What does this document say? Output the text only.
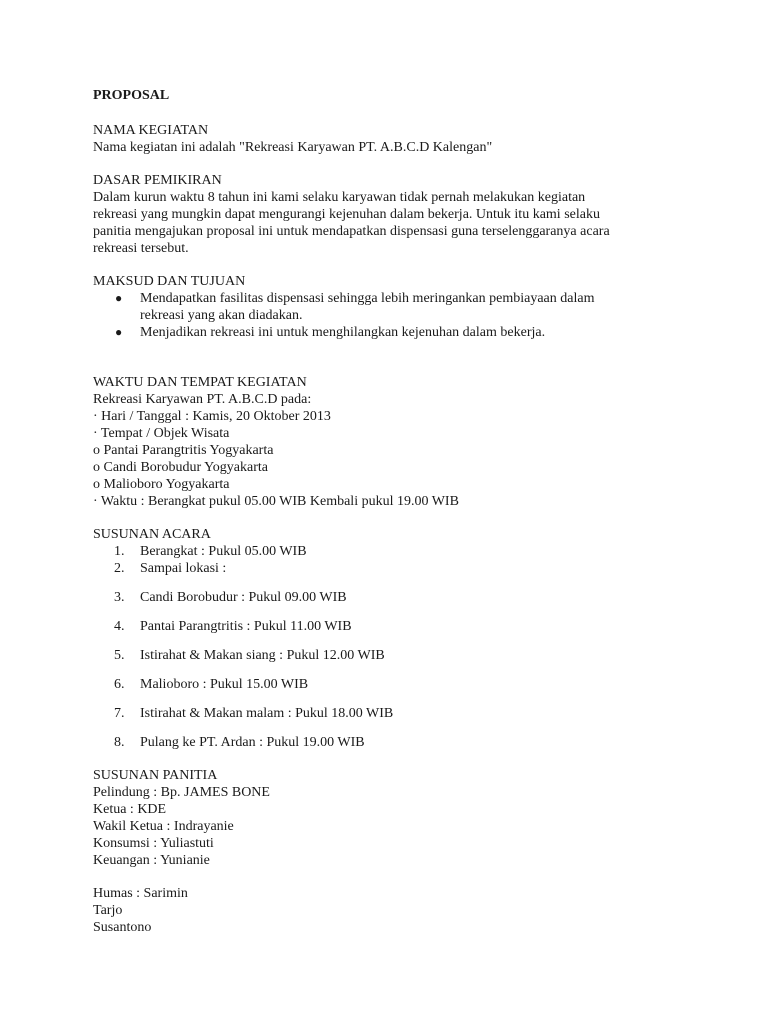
PROPOSAL
NAMA KEGIATAN
Nama kegiatan ini adalah "Rekreasi Karyawan PT. A.B.C.D Kalengan"
DASAR PEMIKIRAN
Dalam kurun waktu 8 tahun ini kami selaku karyawan tidak pernah melakukan kegiatan
rekreasi yang mungkin dapat mengurangi kejenuhan dalam bekerja. Untuk itu kami selaku
panitia mengajukan proposal ini untuk mendapatkan dispensasi guna terselenggaranya acara
rekreasi tersebut.
MAKSUD DAN TUJUAN
● Mendapatkan fasilitas dispensasi sehingga lebih meringankan pembiayaan dalam
rekreasi yang akan diadakan.
● Menjadikan rekreasi ini untuk menghilangkan kejenuhan dalam bekerja.
WAKTU DAN TEMPAT KEGIATAN
Rekreasi Karyawan PT. A.B.C.D pada:
· Hari / Tanggal : Kamis, 20 Oktober 2013
· Tempat / Objek Wisata
o Pantai Parangtritis Yogyakarta
o Candi Borobudur Yogyakarta
o Malioboro Yogyakarta
· Waktu : Berangkat pukul 05.00 WIB Kembali pukul 19.00 WIB
SUSUNAN ACARA
1. Berangkat : Pukul 05.00 WIB
2. Sampai lokasi :
3. Candi Borobudur : Pukul 09.00 WIB
4. Pantai Parangtritis : Pukul 11.00 WIB
5. Istirahat & Makan siang : Pukul 12.00 WIB
6. Malioboro : Pukul 15.00 WIB
7. Istirahat & Makan malam : Pukul 18.00 WIB
8. Pulang ke PT. Ardan : Pukul 19.00 WIB
SUSUNAN PANITIA
Pelindung : Bp. JAMES BONE
Ketua : KDE
Wakil Ketua : Indrayanie
Konsumsi : Yuliastuti
Keuangan : Yunianie
Humas : Sarimin
Tarjo
Susantono
